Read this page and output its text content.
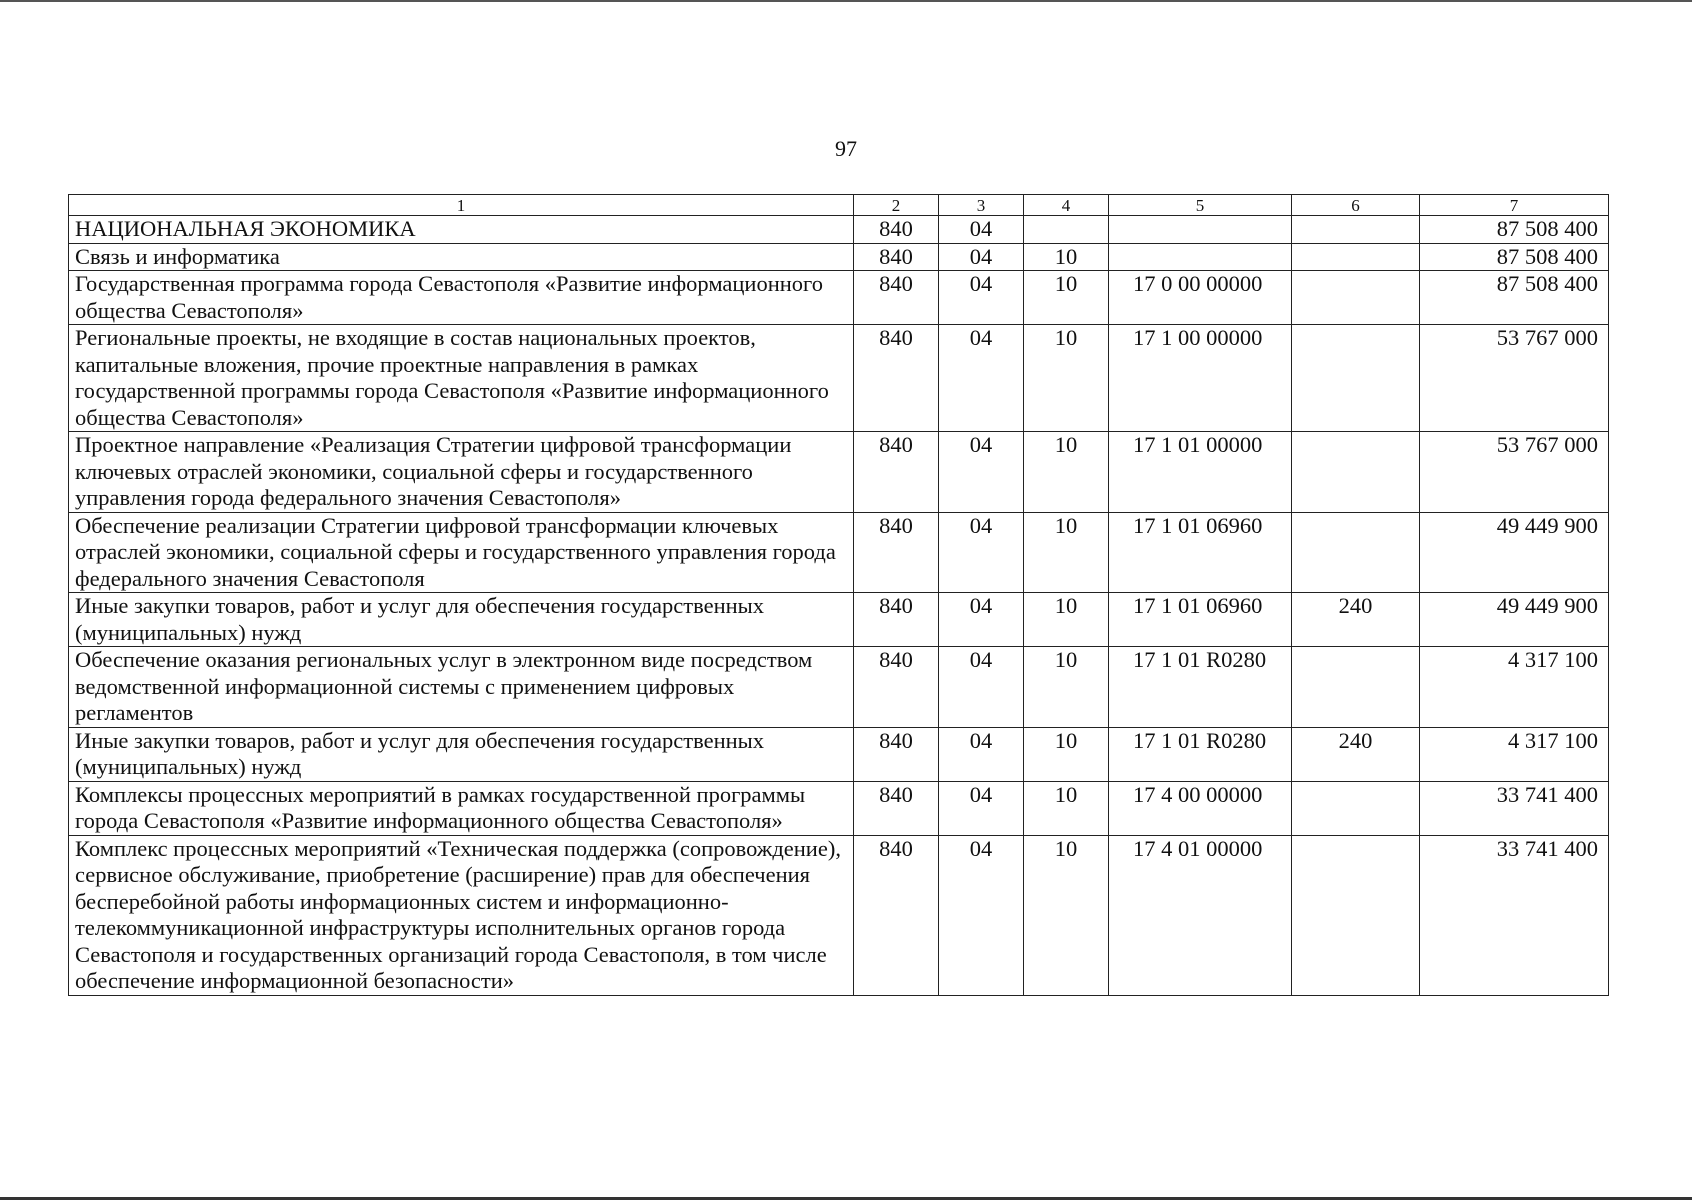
97
1	2	3	4	5	6	7
НАЦИОНАЛЬНАЯ ЭКОНОМИКА	840	04				87 508 400
Связь и информатика	840	04	10			87 508 400
Государственная программа города Севастополя «Развитие информационного общества Севастополя»	840	04	10	17 0 00 00000		87 508 400
Региональные проекты, не входящие в состав национальных проектов, капитальные вложения, прочие проектные направления в рамках государственной программы города Севастополя «Развитие информационного общества Севастополя»	840	04	10	17 1 00 00000		53 767 000
Проектное направление «Реализация Стратегии цифровой трансформации ключевых отраслей экономики, социальной сферы и государственного управления города федерального значения Севастополя»	840	04	10	17 1 01 00000		53 767 000
Обеспечение реализации Стратегии цифровой трансформации ключевых отраслей экономики, социальной сферы и государственного управления города федерального значения Севастополя	840	04	10	17 1 01 06960		49 449 900
Иные закупки товаров, работ и услуг для обеспечения государственных (муниципальных) нужд	840	04	10	17 1 01 06960	240	49 449 900
Обеспечение оказания региональных услуг в электронном виде посредством ведомственной информационной системы с применением цифровых регламентов	840	04	10	17 1 01 R0280		4 317 100
Иные закупки товаров, работ и услуг для обеспечения государственных (муниципальных) нужд	840	04	10	17 1 01 R0280	240	4 317 100
Комплексы процессных мероприятий в рамках государственной программы города Севастополя «Развитие информационного общества Севастополя»	840	04	10	17 4 00 00000		33 741 400
Комплекс процессных мероприятий «Техническая поддержка (сопровождение), сервисное обслуживание, приобретение (расширение) прав для обеспечения бесперебойной работы информационных систем и информационно-телекоммуникационной инфраструктуры исполнительных органов города Севастополя и государственных организаций города Севастополя, в том числе обеспечение информационной безопасности»	840	04	10	17 4 01 00000		33 741 400
